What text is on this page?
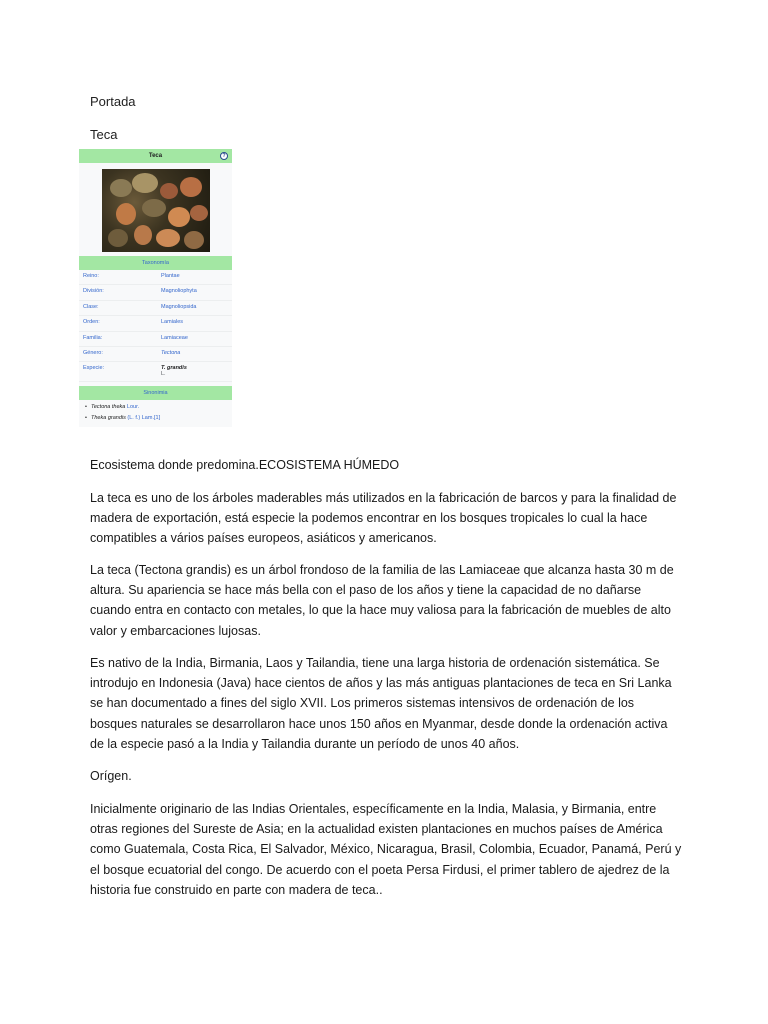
Portada
Teca
Teca	?
Taxonomía
Reino:	Plantae
División:	Magnoliophyta
Clase:	Magnoliopsida
Orden:	Lamiales
Familia:	Lamiaceae
Género:	Tectona
Especie:	T. grandis
L.
Sinonimia
• Tectona theka Lour.
• Theka grandis (L. f.) Lam.[1]
Ecosistema donde predomina.ECOSISTEMA HÚMEDO
La teca es uno de los árboles maderables más utilizados en la fabricación de barcos y para la finalidad de madera de exportación, está especie la podemos encontrar en los bosques tropicales lo cual la hace compatibles a vários países europeos, asiáticos y americanos.
La teca (Tectona grandis) es un árbol frondoso de la familia de las Lamiaceae que alcanza hasta 30 m de altura. Su apariencia se hace más bella con el paso de los años y tiene la capacidad de no dañarse cuando entra en contacto con metales, lo que la hace muy valiosa para la fabricación de muebles de alto valor y embarcaciones lujosas.
Es nativo de la India, Birmania, Laos y Tailandia, tiene una larga historia de ordenación sistemática. Se introdujo en Indonesia (Java) hace cientos de años y las más antiguas plantaciones de teca en Sri Lanka se han documentado a fines del siglo XVII. Los primeros sistemas intensivos de ordenación de los bosques naturales se desarrollaron hace unos 150 años en Myanmar, desde donde la ordenación activa de la especie pasó a la India y Tailandia durante un período de unos 40 años.
Orígen.
Inicialmente originario de las Indias Orientales, específicamente en la India, Malasia, y Birmania, entre otras regiones del Sureste de Asia; en la actualidad existen plantaciones en muchos países de América como Guatemala, Costa Rica, El Salvador, México, Nicaragua, Brasil, Colombia, Ecuador, Panamá, Perú y el bosque ecuatorial del congo. De acuerdo con el poeta Persa Firdusi, el primer tablero de ajedrez de la historia fue construido en parte con madera de teca..
